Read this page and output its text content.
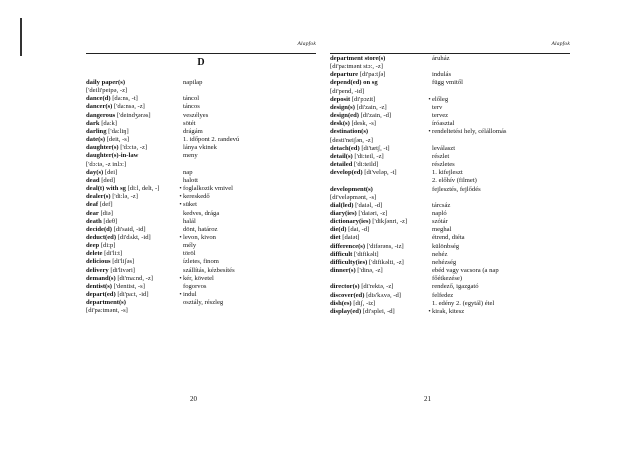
Alapfok
D
daily paper(s)	napilap
['deili'peipə, -z]
dance(d) [da:ns, -t]	táncol
dancer(s) ['da:nsə, -z]	táncos
dangerous ['deindʒərəs]	veszélyes
dark [da:k]	sötét
darling ['da:liŋ]	drágám
date(s) [deit, -s]	1. időpont 2. randevú
daughter(s) ['dɔ:tə, -z]	lánya vkinek
daughter(s)-in-law	meny
['dɔ:tə, -z inlɔ:]
day(s) [dei]	nap
dead [ded]	halott
deal(t) with sg [di:l, delt, -]	•foglalkozik vmivel
dealer(s) ['di:lə, -z]	•kereskedő
deaf [def]	•süket
dear [diə]	kedves, drága
death [deθ]	halál
decide(d) [di'said, -id]	dönt, határoz
deduct(ed) [di'dʌkt, -id]	•levon, kivon
deep [di:p]	mély
delete [di'li:t]	töröl
delicious [di'liʃəs]	ízletes, finom
delivery [di'livəri]	szállítás, kézbesítés
demand(s) [di'ma:nd, -z]	•kér, követel
dentist(s) ['dentist, -s]	fogorvos
depart(ed) [di'pa:t, -id]	•indul
department(s)	osztály, részleg
[di'pa:tmənt, -s]
20
Alapfok
department store(s)	áruház
[di'pa:tmənt stɔ:, -z]
departure [di'pa:tʃə]	indulás
depend(ed) on sg	függ vmitől
[di'pend, -id]
deposit [di'pɔzit]	•előleg
design(s) [di'zain, -z]	terv
design(ed) [di'zain, -d]	tervez
desk(s) [desk, -s]	íróasztal
destination(s)	•rendeltetési hely, célállomás
[desti'neiʃən, -z]
detach(ed) [di'tætʃ, -t]	leválaszt
detail(s) ['di:teil, -z]	részlet
detailed ['di:teild]	részletes
develop(ed) [di'veləp, -t]	1. kifejleszt
2. előhív (filmet)
development(s)	fejlesztés, fejlődés
[di'veləpmənt, -s]
dial(led) ['daiəl, -d]	tárcsáz
diary(ies) ['daiəri, -z]	napló
dictionary(ies) ['dikʃənri, -z]	szótár
die(d) [dai, -d]	meghal
diet [daiət]	étrend, diéta
difference(s) ['difərəns, -iz]	különbség
difficult ['difikəlt]	nehéz
difficulty(ies) ['difikəlti, -z]	nehézség
dinner(s) ['dinə, -z]	ebéd vagy vacsora (a nap
főétkezése)
director(s) [di'rektə, -z]	rendező, igazgató
discover(ed) [dis'kʌvə, -d]	felfedez
dish(es) [diʃ, -iz]	1. edény 2. (egytál) étel
display(ed) [di'splei, -d]	•kirak, kitesz
21
